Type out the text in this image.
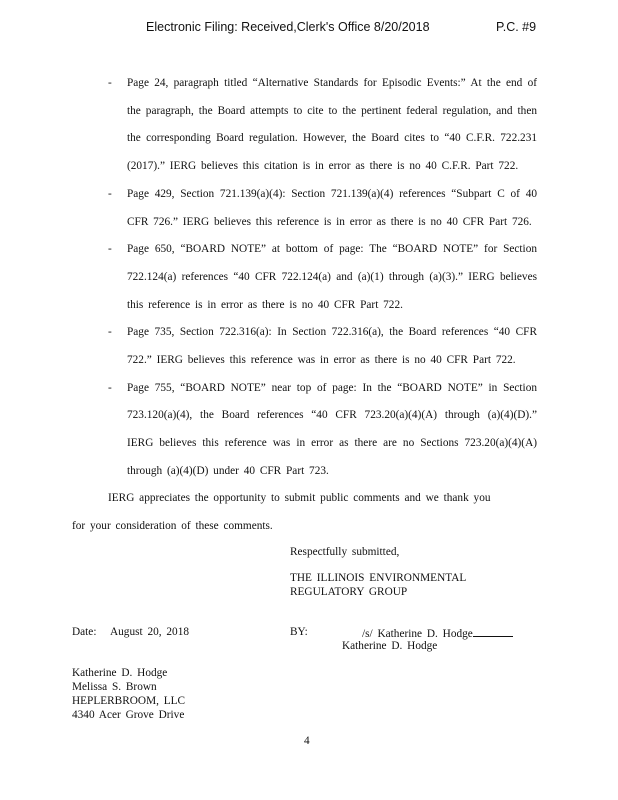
Electronic Filing: Received,Clerk's Office 8/20/2018	P.C. #9
- Page 24, paragraph titled “Alternative Standards for Episodic Events:” At the end of the paragraph, the Board attempts to cite to the pertinent federal regulation, and then the corresponding Board regulation. However, the Board cites to “40 C.F.R. 722.231 (2017).” IERG believes this citation is in error as there is no 40 C.F.R. Part 722.
- Page 429, Section 721.139(a)(4): Section 721.139(a)(4) references “Subpart C of 40 CFR 726.” IERG believes this reference is in error as there is no 40 CFR Part 726.
- Page 650, “BOARD NOTE” at bottom of page: The “BOARD NOTE” for Section 722.124(a) references “40 CFR 722.124(a) and (a)(1) through (a)(3).” IERG believes this reference is in error as there is no 40 CFR Part 722.
- Page 735, Section 722.316(a): In Section 722.316(a), the Board references “40 CFR 722.” IERG believes this reference was in error as there is no 40 CFR Part 722.
- Page 755, “BOARD NOTE” near top of page: In the “BOARD NOTE” in Section 723.120(a)(4), the Board references “40 CFR 723.20(a)(4)(A) through (a)(4)(D).” IERG believes this reference was in error as there are no Sections 723.20(a)(4)(A) through (a)(4)(D) under 40 CFR Part 723.
IERG appreciates the opportunity to submit public comments and we thank you for your consideration of these comments.
Respectfully submitted,
THE ILLINOIS ENVIRONMENTAL
REGULATORY GROUP
Date: August 20, 2018	BY:	/s/ Katherine D. Hodge
Katherine D. Hodge
Katherine D. Hodge
Melissa S. Brown
HEPLERBROOM, LLC
4340 Acer Grove Drive
4
